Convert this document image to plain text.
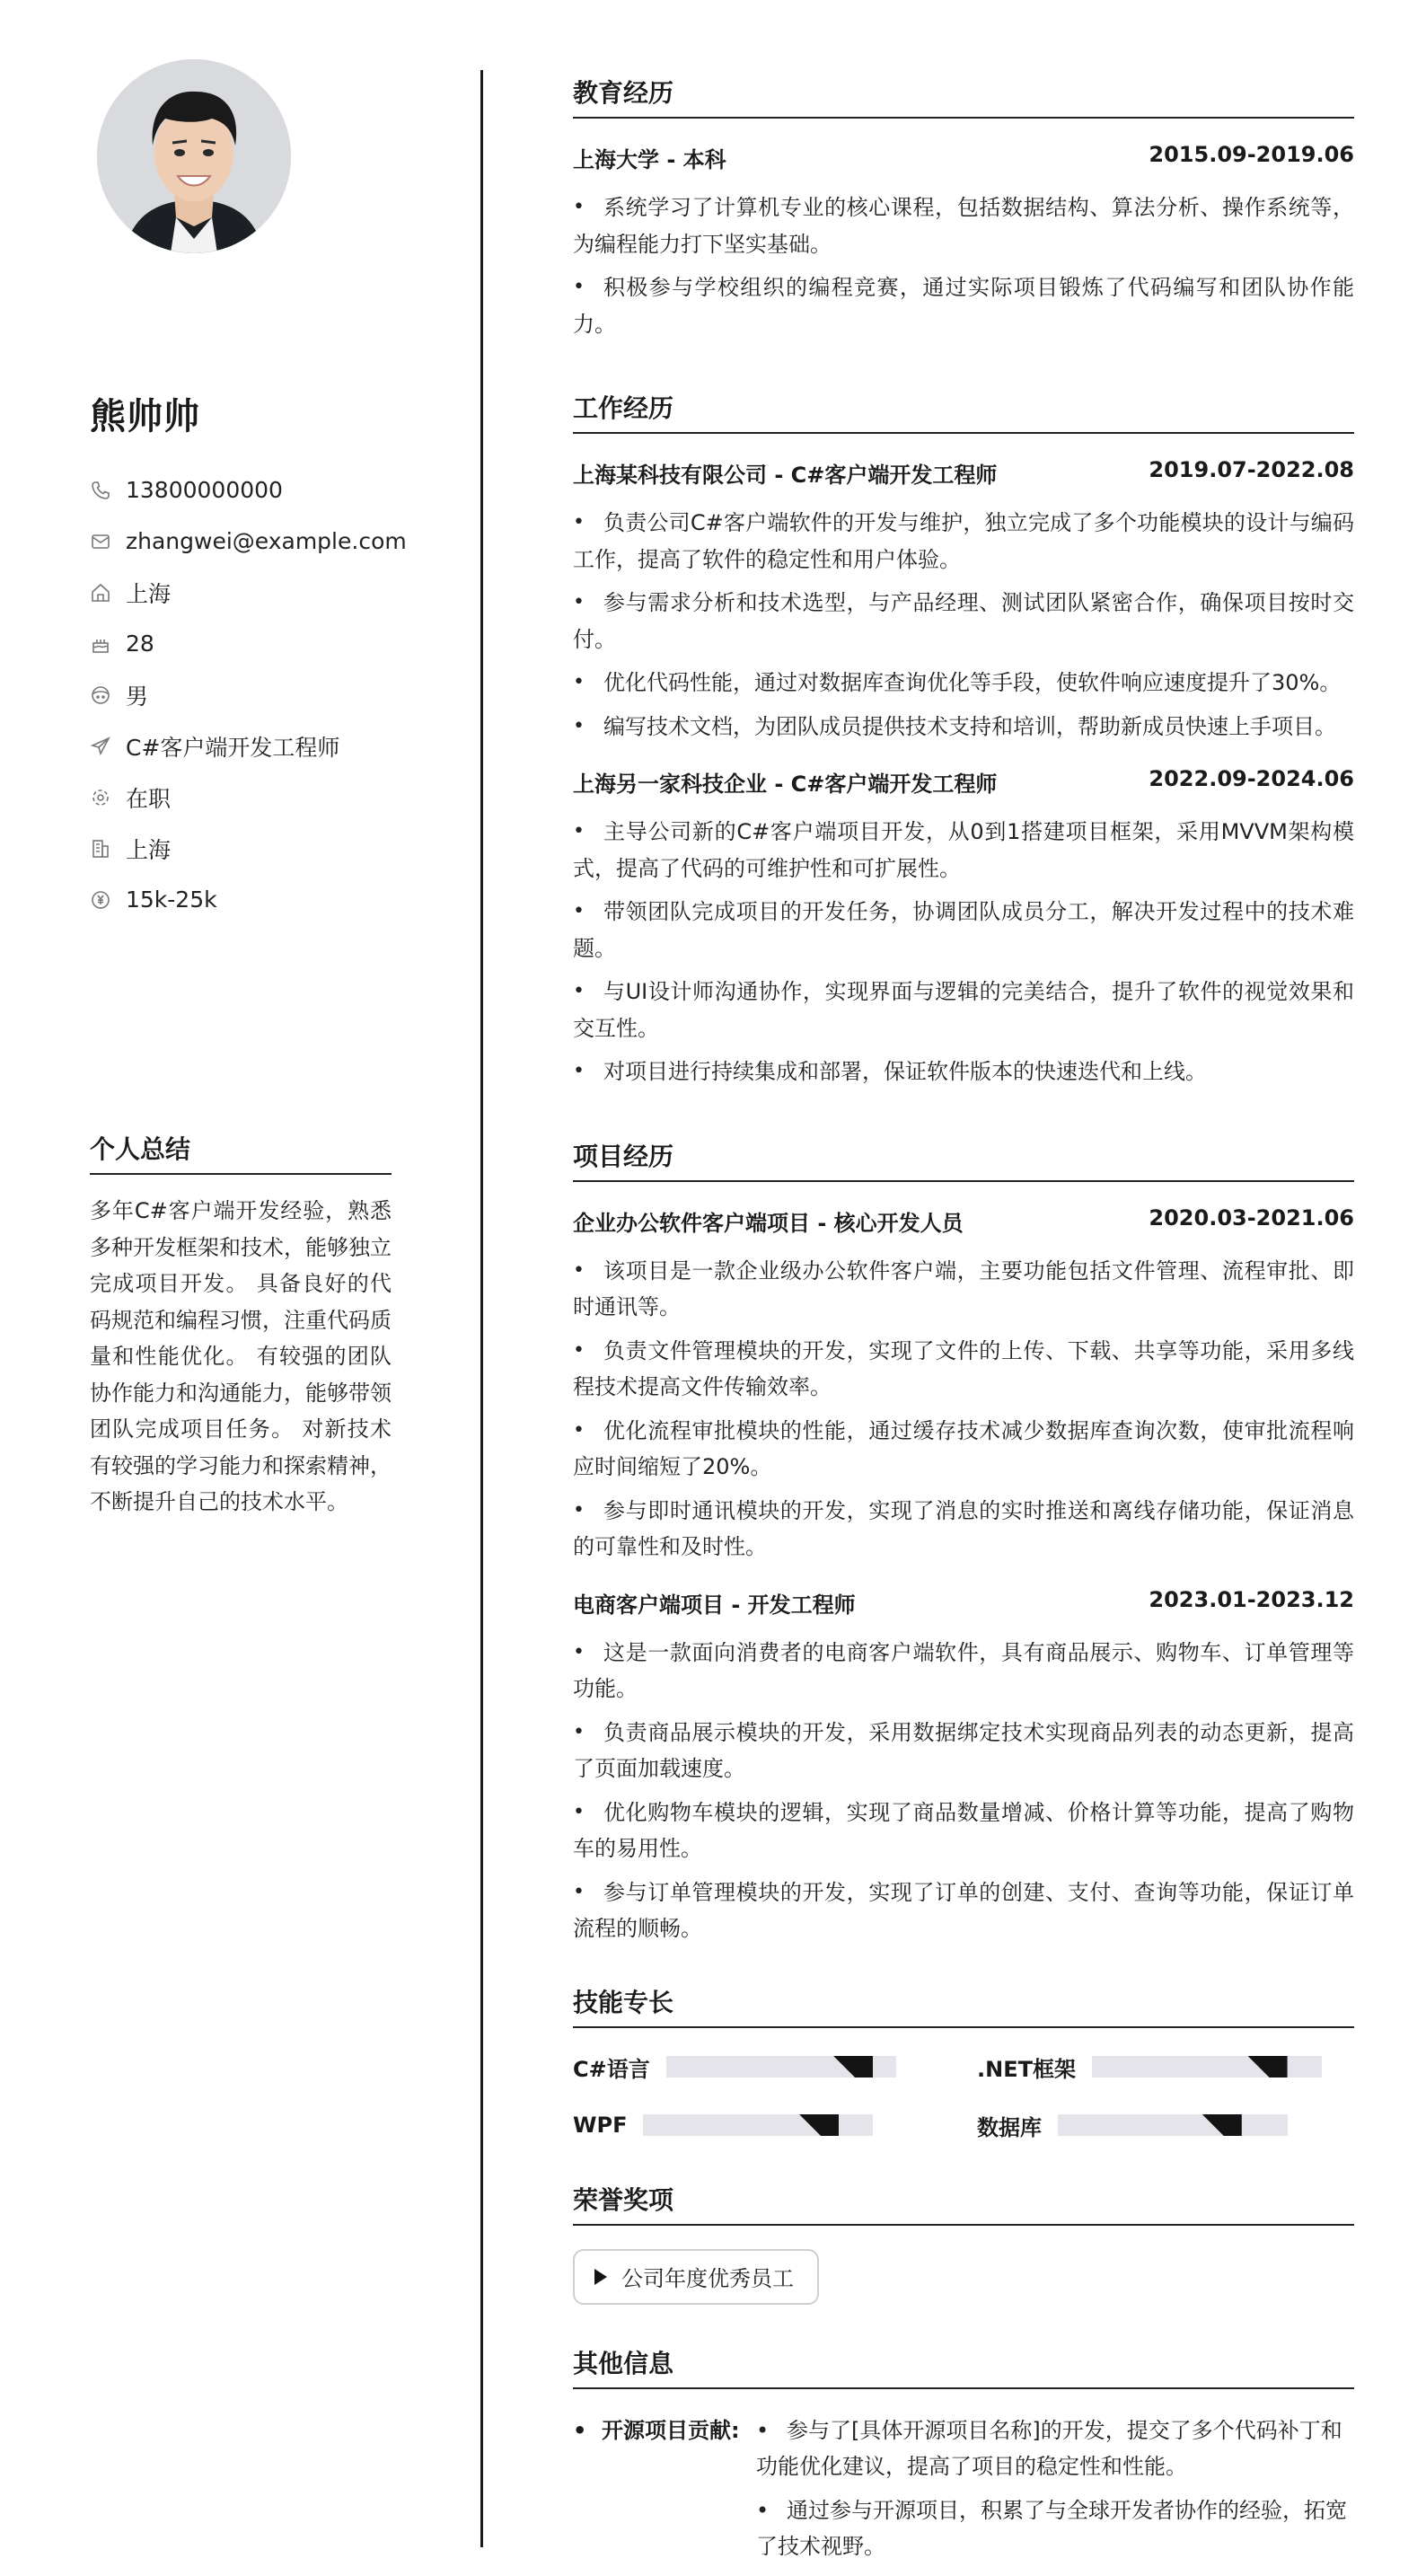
熊帅帅
13800000000
zhangwei@example.com
上海
28
男
C#客户端开发工程师
在职
上海
15k-25k
个人总结
多年C#客户端开发经验，熟悉多种开发框架和技术，能够独立完成项目开发。 具备良好的代码规范和编程习惯，注重代码质量和性能优化。 有较强的团队协作能力和沟通能力，能够带领团队完成项目任务。 对新技术有较强的学习能力和探索精神，不断提升自己的技术水平。
教育经历
上海大学 - 本科	2015.09-2019.06
• 系统学习了计算机专业的核心课程，包括数据结构、算法分析、操作系统等，为编程能力打下坚实基础。
• 积极参与学校组织的编程竞赛，通过实际项目锻炼了代码编写和团队协作能力。
工作经历
上海某科技有限公司 - C#客户端开发工程师	2019.07-2022.08
• 负责公司C#客户端软件的开发与维护，独立完成了多个功能模块的设计与编码工作，提高了软件的稳定性和用户体验。
• 参与需求分析和技术选型，与产品经理、测试团队紧密合作，确保项目按时交付。
• 优化代码性能，通过对数据库查询优化等手段，使软件响应速度提升了30%。
• 编写技术文档，为团队成员提供技术支持和培训，帮助新成员快速上手项目。
上海另一家科技企业 - C#客户端开发工程师	2022.09-2024.06
• 主导公司新的C#客户端项目开发，从0到1搭建项目框架，采用MVVM架构模式，提高了代码的可维护性和可扩展性。
• 带领团队完成项目的开发任务，协调团队成员分工，解决开发过程中的技术难题。
• 与UI设计师沟通协作，实现界面与逻辑的完美结合，提升了软件的视觉效果和交互性。
• 对项目进行持续集成和部署，保证软件版本的快速迭代和上线。
项目经历
企业办公软件客户端项目 - 核心开发人员	2020.03-2021.06
• 该项目是一款企业级办公软件客户端，主要功能包括文件管理、流程审批、即时通讯等。
• 负责文件管理模块的开发，实现了文件的上传、下载、共享等功能，采用多线程技术提高文件传输效率。
• 优化流程审批模块的性能，通过缓存技术减少数据库查询次数，使审批流程响应时间缩短了20%。
• 参与即时通讯模块的开发，实现了消息的实时推送和离线存储功能，保证消息的可靠性和及时性。
电商客户端项目 - 开发工程师	2023.01-2023.12
• 这是一款面向消费者的电商客户端软件，具有商品展示、购物车、订单管理等功能。
• 负责商品展示模块的开发，采用数据绑定技术实现商品列表的动态更新，提高了页面加载速度。
• 优化购物车模块的逻辑，实现了商品数量增减、价格计算等功能，提高了购物车的易用性。
• 参与订单管理模块的开发，实现了订单的创建、支付、查询等功能，保证订单流程的顺畅。
技能专长
C#语言	.NET框架
WPF	数据库
荣誉奖项
公司年度优秀员工
其他信息
• 开源项目贡献:
•	参与了[具体开源项目名称]的开发，提交了多个代码补丁和功能优化建议，提高了项目的稳定性和性能。
• 通过参与开源项目，积累了与全球开发者协作的经验，拓宽了技术视野。
